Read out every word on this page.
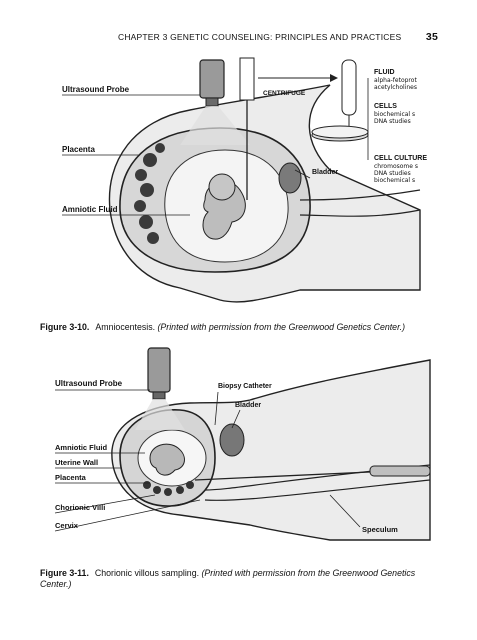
CHAPTER 3 GENETIC COUNSELING: PRINCIPLES AND PRACTICES 35
Ultrasound Probe
Placenta
Amniotic Fluid
Bladder
CENTRIFUGE
FLUID
alpha-fetoprot
acetylcholines
CELLS
biochemical s
DNA studies
CELL CULTURE
chromosome s
DNA studies
biochemical s
Figure 3-10. Amniocentesis. (Printed with permission from the Greenwood Genetics Center.)
Ultrasound Probe	Biopsy Catheter
Bladder
Amniotic Fluid
Uterine Wall
Placenta
Chorionic Villi
Cervix	Speculum
Figure 3-11. Chorionic villous sampling. (Printed with permission from the Greenwood Genetics Center.)
